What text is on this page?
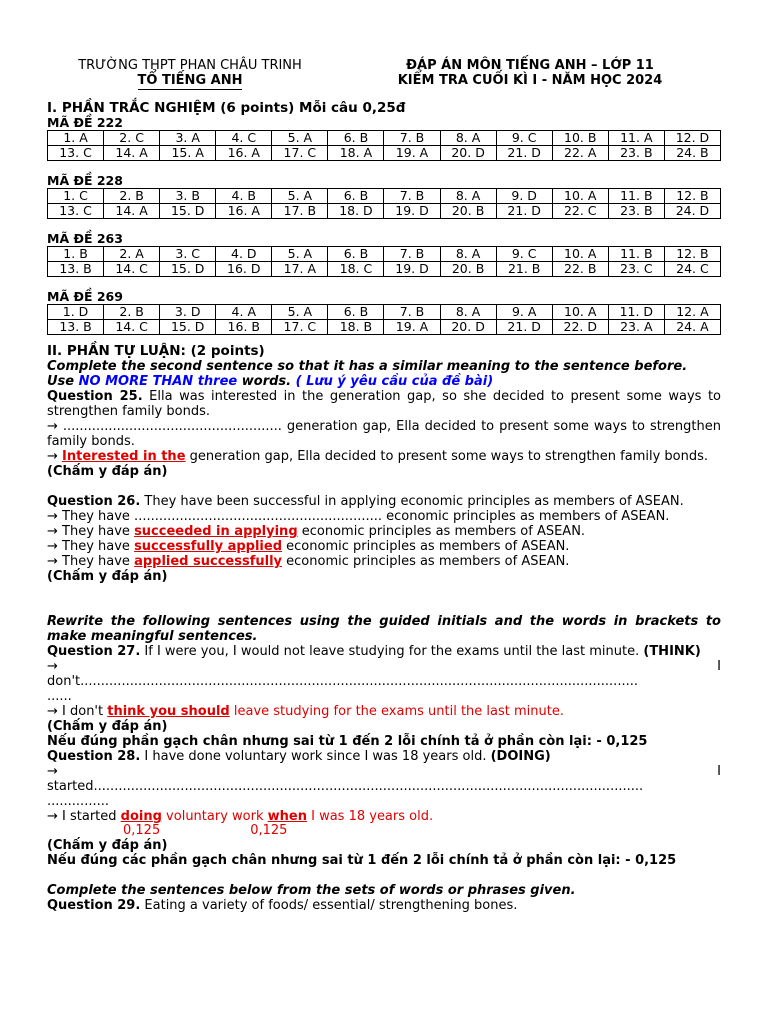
TRƯỜNG THPT PHAN CHÂU TRINH
TỔ TIẾNG ANH
ĐÁP ÁN MÔN TIẾNG ANH – LỚP 11
KIỂM TRA CUỐI KÌ I - NĂM HỌC 2024
I. PHẦN TRẮC NGHIỆM (6 points) Mỗi câu 0,25đ
MÃ ĐỀ 222
1. A	2. C	3. A	4. C	5. A	6. B	7. B	8. A	9. C	10. B	11. A	12. D
13. C	14. A	15. A	16. A	17. C	18. A	19. A	20. D	21. D	22. A	23. B	24. B
MÃ ĐỀ 228
1. C	2. B	3. B	4. B	5. A	6. B	7. B	8. A	9. D	10. A	11. B	12. B
13. C	14. A	15. D	16. A	17. B	18. D	19. D	20. B	21. D	22. C	23. B	24. D
MÃ ĐỀ 263
1. B	2. A	3. C	4. D	5. A	6. B	7. B	8. A	9. C	10. A	11. B	12. B
13. B	14. C	15. D	16. D	17. A	18. C	19. D	20. B	21. B	22. B	23. C	24. C
MÃ ĐỀ 269
1. D	2. B	3. D	4. A	5. A	6. B	7. B	8. A	9. A	10. A	11. D	12. A
13. B	14. C	15. D	16. B	17. C	18. B	19. A	20. D	21. D	22. D	23. A	24. A
II. PHẦN TỰ LUẬN: (2 points)
Complete the second sentence so that it has a similar meaning to the sentence before.
Use NO MORE THAN three words. ( Lưu ý yêu cầu của đề bài)
Question 25. Ella was interested in the generation gap, so she decided to present some ways to strengthen family bonds.
→ ..................................................... generation gap, Ella decided to present some ways to strengthen family bonds.
→ Interested in the generation gap, Ella decided to present some ways to strengthen family bonds.
(Chấm y đáp án)
Question 26. They have been successful in applying economic principles as members of ASEAN.
→ They have ............................................................ economic principles as members of ASEAN.
→ They have succeeded in applying economic principles as members of ASEAN.
→ They have successfully applied economic principles as members of ASEAN.
→ They have applied successfully economic principles as members of ASEAN.
(Chấm y đáp án)
Rewrite the following sentences using the guided initials and the words in brackets to make meaningful sentences.
Question 27. If I were you, I would not leave studying for the exams until the last minute. (THINK)
→	I
don't.......................................................................................................................................
......
→ I don't think you should leave studying for the exams until the last minute.
(Chấm y đáp án)
Nếu đúng phần gạch chân nhưng sai từ 1 đến 2 lỗi chính tả ở phần còn lại: - 0,125
Question 28. I have done voluntary work since I was 18 years old. (DOING)
→	I
started.....................................................................................................................................
...............
→ I started doing voluntary work when I was 18 years old.
0,125	0,125
(Chấm y đáp án)
Nếu đúng các phần gạch chân nhưng sai từ 1 đến 2 lỗi chính tả ở phần còn lại: - 0,125
Complete the sentences below from the sets of words or phrases given.
Question 29. Eating a variety of foods/ essential/ strengthening bones.
